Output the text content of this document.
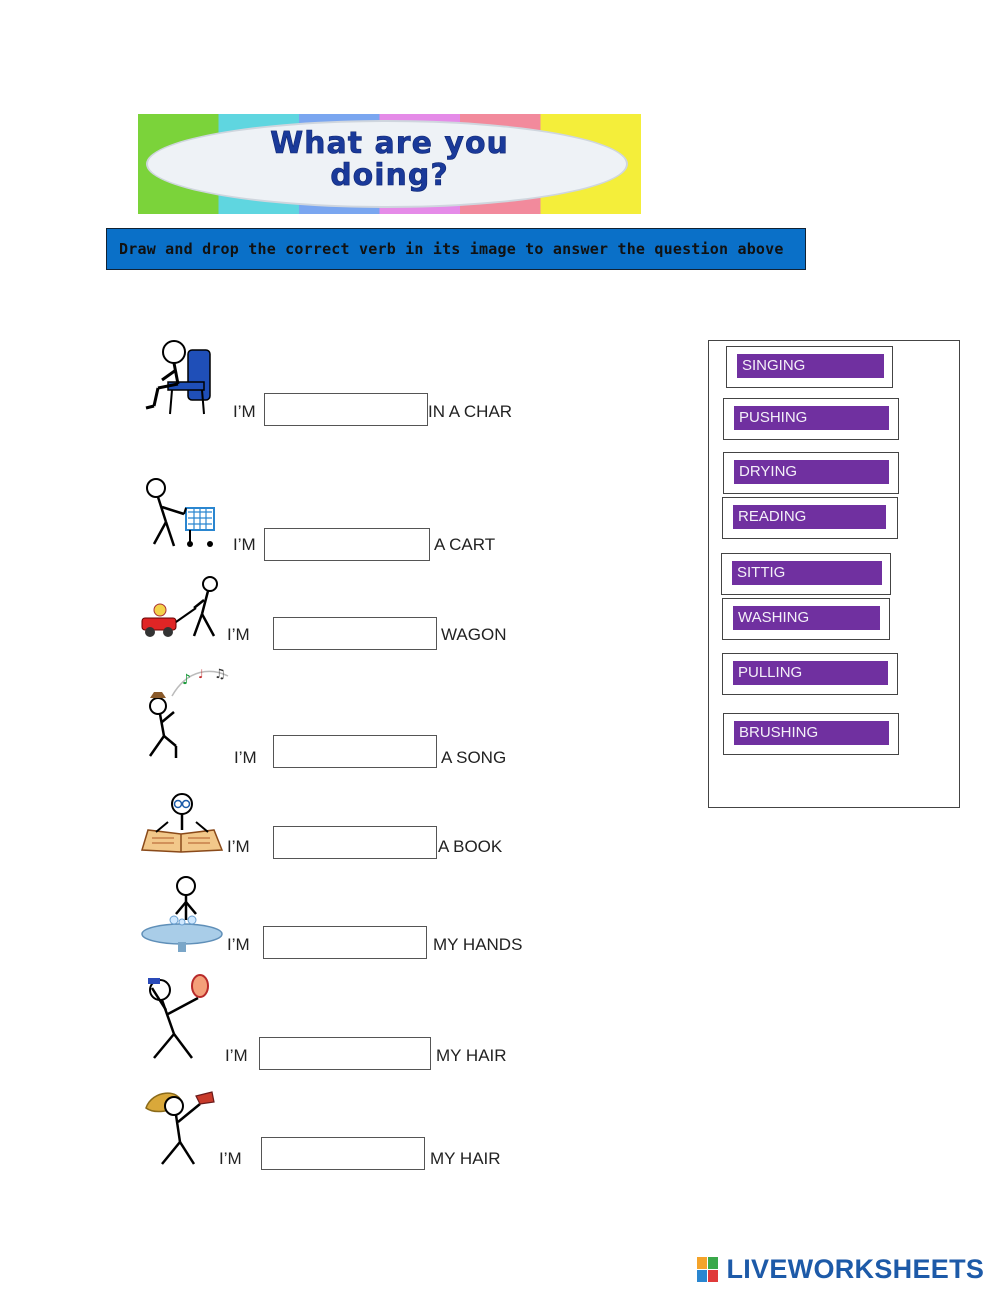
What are you
doing?
Draw and drop the correct verb in its image to answer the question above
I’M	IN A CHAR
I’M	A CART
I’M	WAGON
♪ ♩ ♫
I’M	A SONG
I’M	A BOOK
I’M	MY HANDS
I’M	MY HAIR
I’M	MY HAIR
SINGING
PUSHING
DRYING
READING
SITTIG
WASHING
PULLING
BRUSHING
LIVEWORKSHEETS
